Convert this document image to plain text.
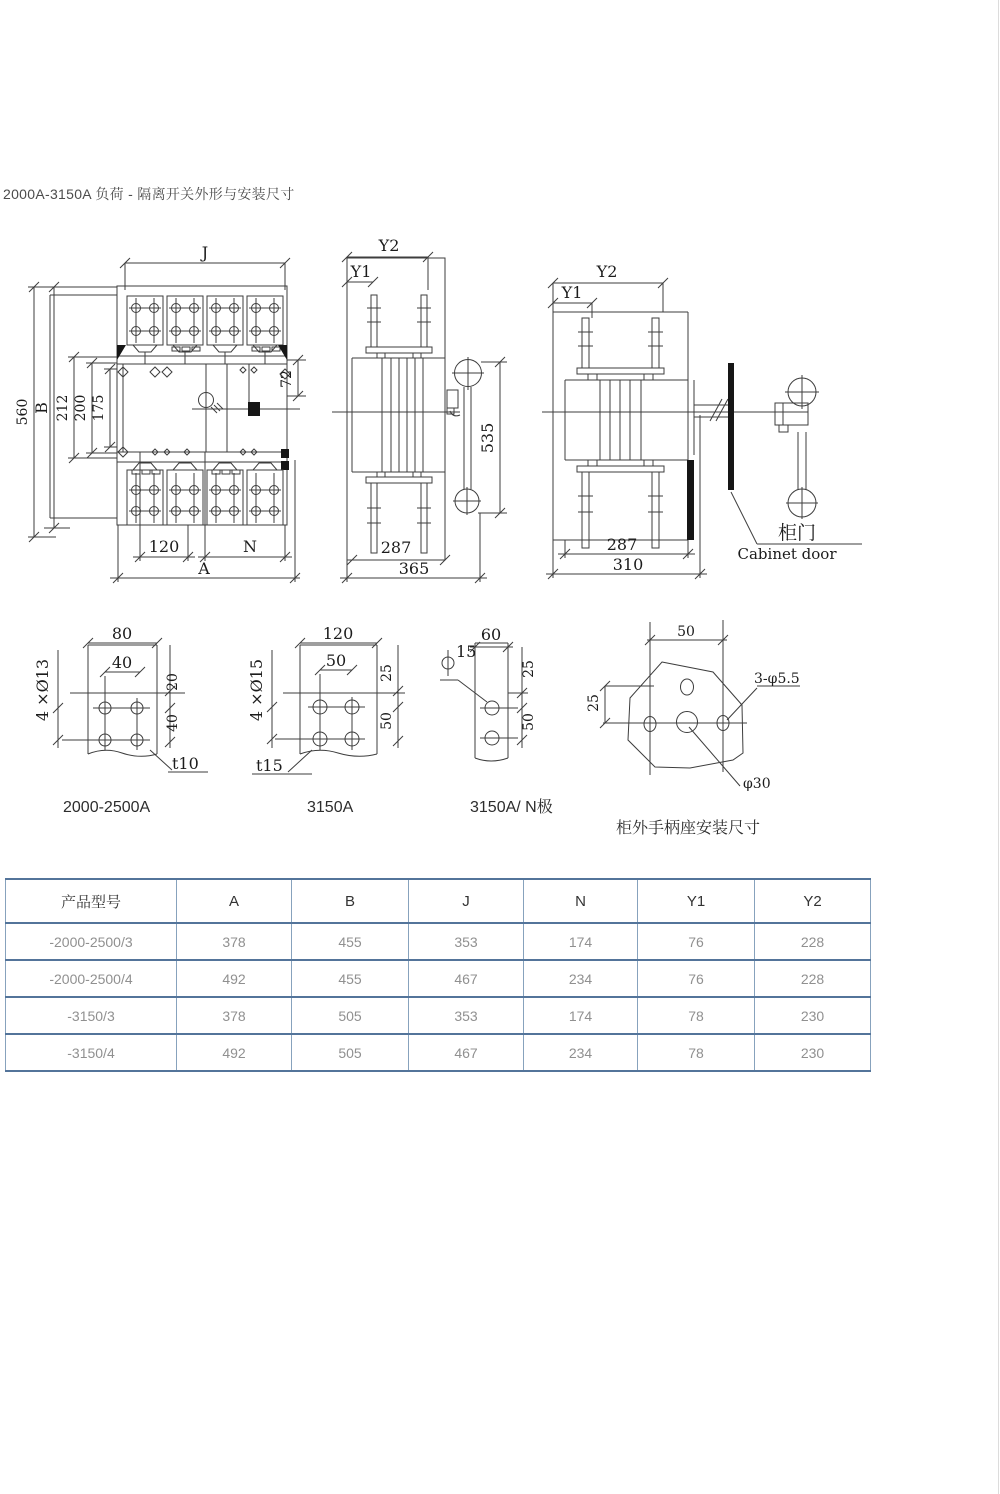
2000A-3150A 负荷 - 隔离开关外形与安装尺寸
J
560 B 212 200 175
72
120	N
A
Y2
Y1
535
287
365
Y2
Y1
柜门
Cabinet door
287
310
80
40
4 ×Ø13	20
40
t10
2000-2500A
120
50
4 ×Ø15	25
50
t15
3150A
60
15
25
50
3150A/ N极
50
25
3-φ5.5
φ30
柜外手柄座安装尺寸
产品型号	A	B	J	N	Y1	Y2
-2000-2500/3	378	455	353	174	76	228
-2000-2500/4	492	455	467	234	76	228
-3150/3	378	505	353	174	78	230
-3150/4	492	505	467	234	78	230
